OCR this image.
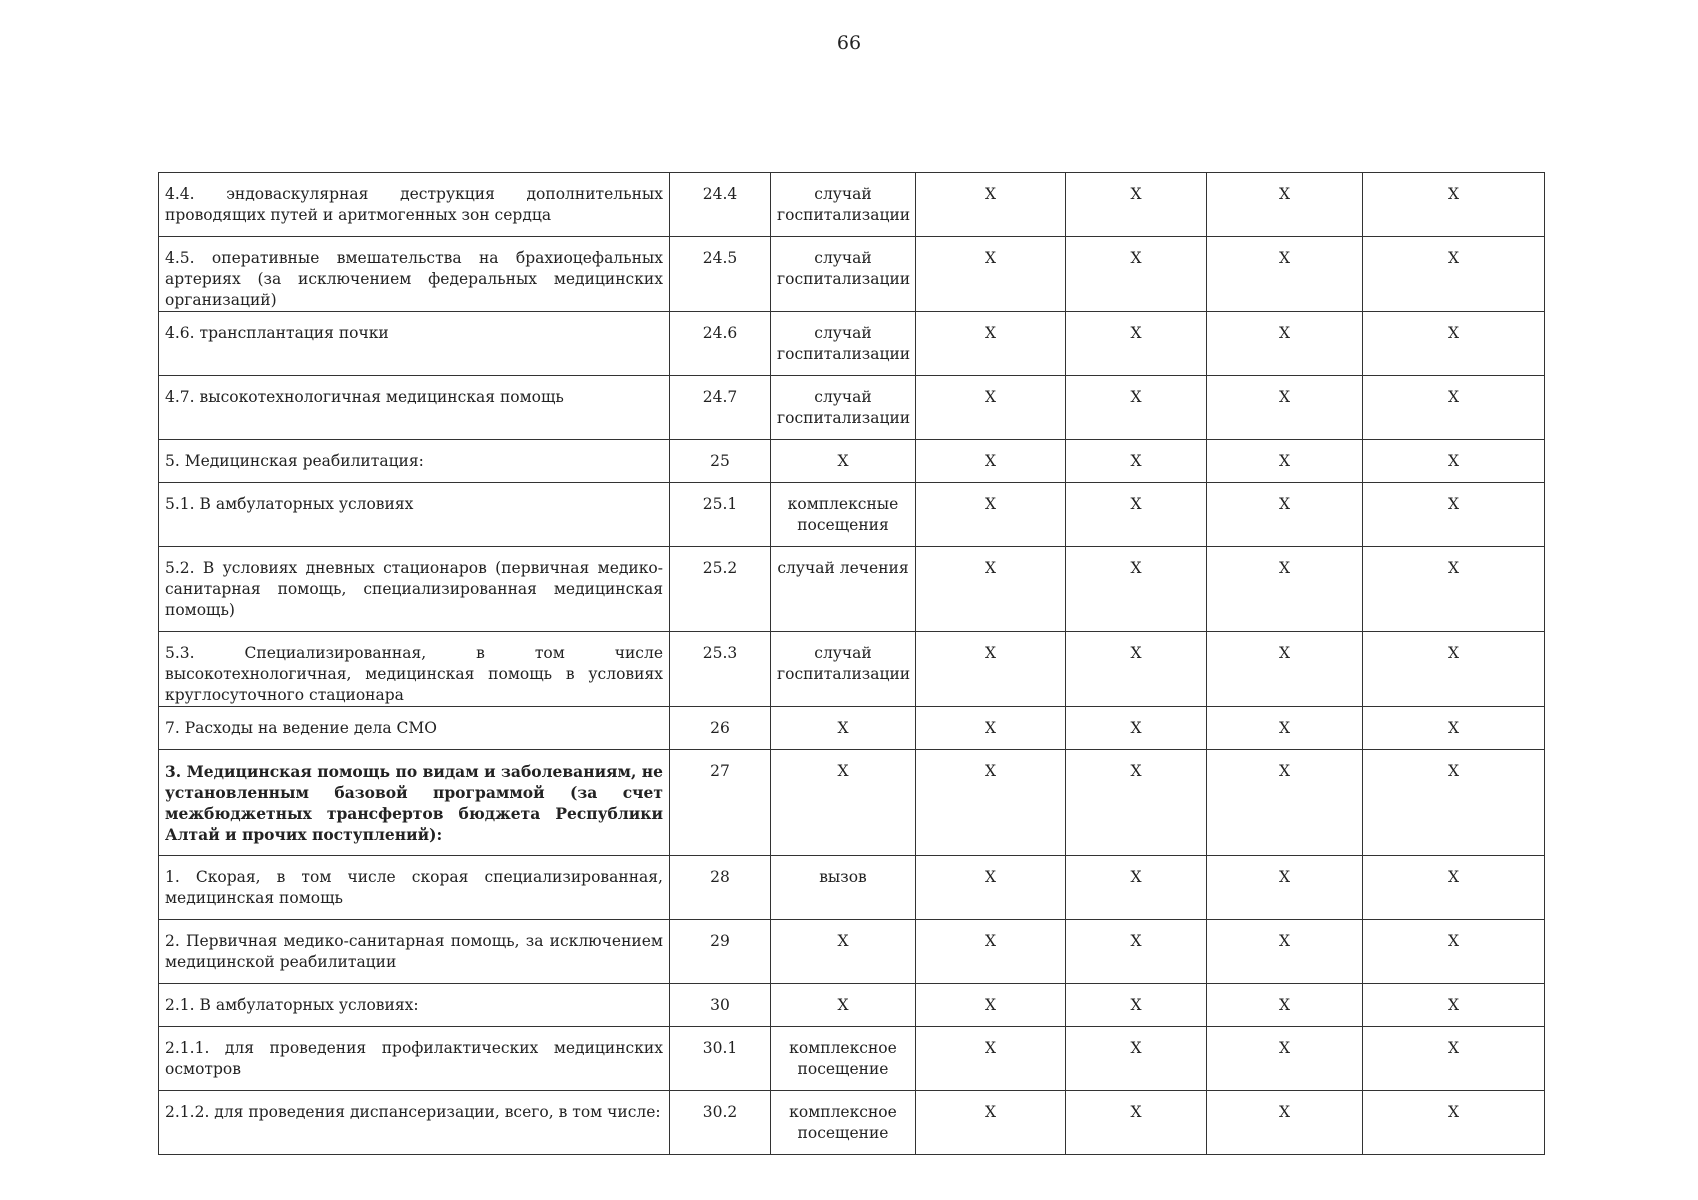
66
4.4. эндоваскулярная деструкция дополнительных проводящих путей и аритмогенных зон сердца	24.4	случай госпитализации	X	X	X	X
4.5. оперативные вмешательства на брахиоцефальных артериях (за исключением федеральных медицинских организаций)	24.5	случай госпитализации	X	X	X	X
4.6. трансплантация почки	24.6	случай госпитализации	X	X	X	X
4.7. высокотехнологичная медицинская помощь	24.7	случай госпитализации	X	X	X	X
5. Медицинская реабилитация:	25	X	X	X	X	X
5.1. В амбулаторных условиях	25.1	комплексные посещения	X	X	X	X
5.2. В условиях дневных стационаров (первичная медико-санитарная помощь, специализированная медицинская помощь)	25.2	случай лечения	X	X	X	X
5.3. Специализированная, в том числе высокотехнологичная, медицинская помощь в условиях круглосуточного стационара	25.3	случай госпитализации	X	X	X	X
7. Расходы на ведение дела СМО	26	X	X	X	X	X
3. Медицинская помощь по видам и заболеваниям, не установленным базовой программой (за счет межбюджетных трансфертов бюджета Республики Алтай и прочих поступлений):	27	X	X	X	X	X
1. Скорая, в том числе скорая специализированная, медицинская помощь	28	вызов	X	X	X	X
2. Первичная медико-санитарная помощь, за исключением медицинской реабилитации	29	X	X	X	X	X
2.1. В амбулаторных условиях:	30	X	X	X	X	X
2.1.1. для проведения профилактических медицинских осмотров	30.1	комплексное посещение	X	X	X	X
2.1.2. для проведения диспансеризации, всего, в том числе:	30.2	комплексное посещение	X	X	X	X
